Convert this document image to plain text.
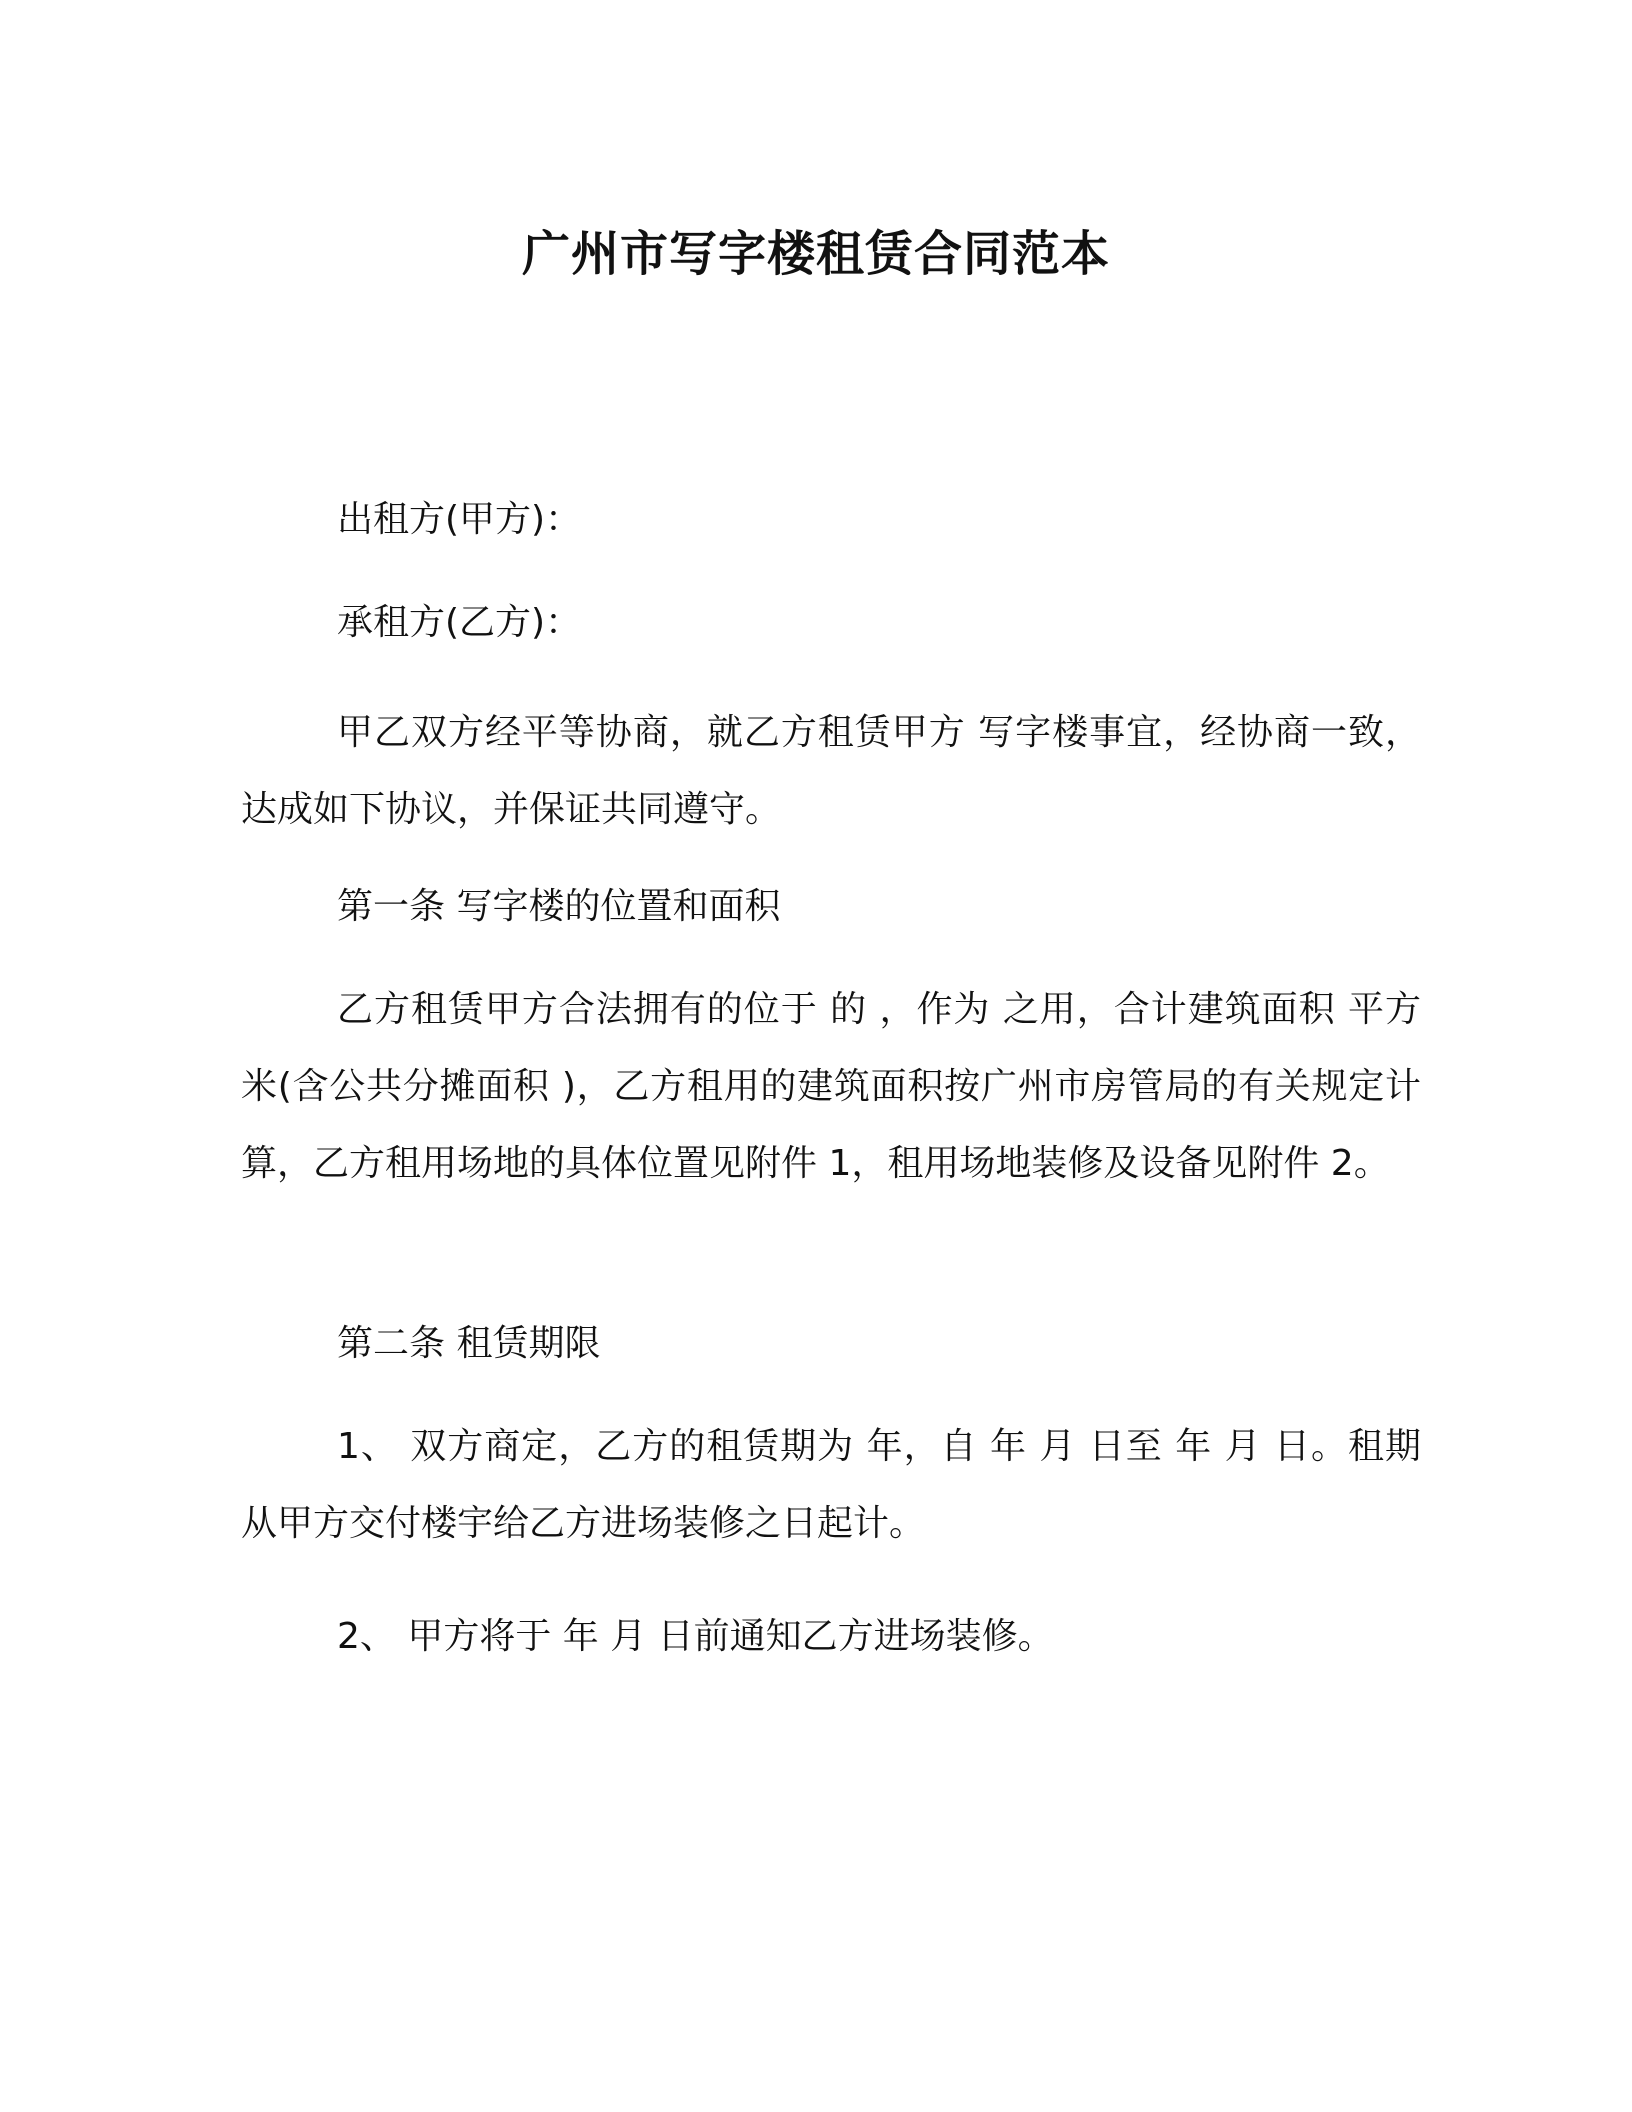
广州市写字楼租赁合同范本
出租方(甲方)：
承租方(乙方)：

甲乙双方经平等协商，就乙方租赁甲方 写字楼事宜，经协商一致，达成如下协议，并保证共同遵守。

第一条 写字楼的位置和面积

乙方租赁甲方合法拥有的位于 的 ，作为 之用，合计建筑面积 平方米(含公共分摊面积 )，乙方租用的建筑面积按广州市房管局的有关规定计算，乙方租用场地的具体位置见附件 1，租用场地装修及设备见附件 2。

第二条 租赁期限

1、 双方商定，乙方的租赁期为 年，自 年 月 日至 年 月 日。租期从甲方交付楼宇给乙方进场装修之日起计。

2、 甲方将于 年 月 日前通知乙方进场装修。
